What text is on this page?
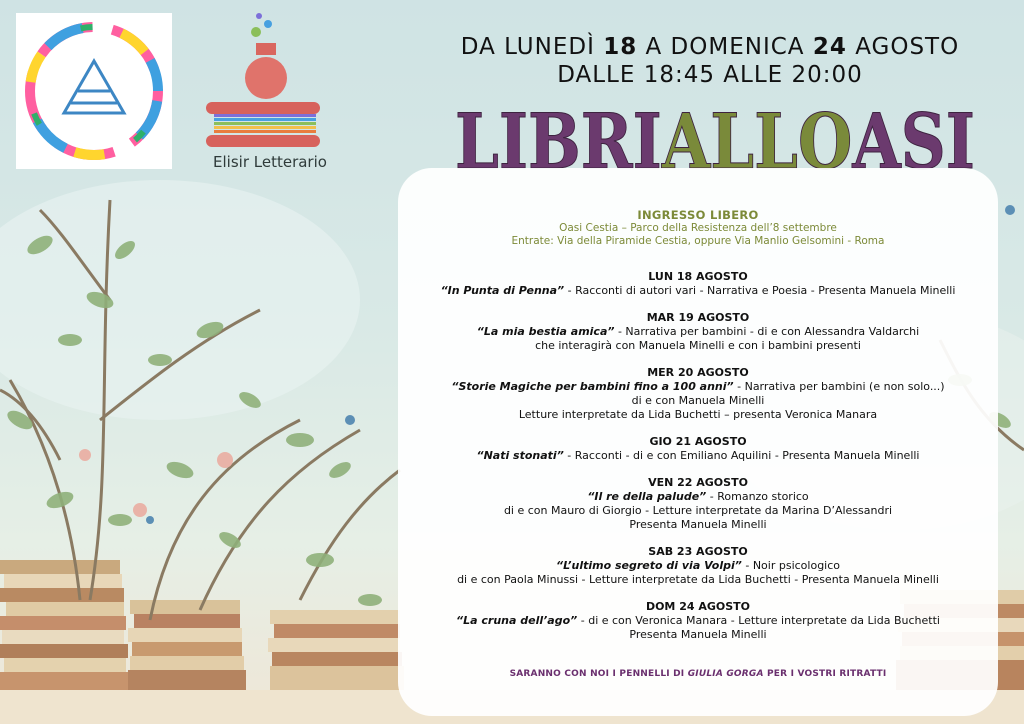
Elisir Letterario
DA LUNEDÌ 18 A DOMENICA 24 AGOSTO
DALLE 18:45 ALLE 20:00
LIBRIALLOASI
INGRESSO LIBERO
Oasi Cestia – Parco della Resistenza dell’8 settembre
Entrate: Via della Piramide Cestia, oppure Via Manlio Gelsomini - Roma
LUN 18 AGOSTO
“In Punta di Penna” - Racconti di autori vari - Narrativa e Poesia - Presenta Manuela Minelli
MAR 19 AGOSTO
“La mia bestia amica” - Narrativa per bambini - di e con Alessandra Valdarchi
che interagirà con Manuela Minelli e con i bambini presenti
MER 20 AGOSTO
“Storie Magiche per bambini fino a 100 anni” - Narrativa per bambini (e non solo...)
di e con Manuela Minelli
Letture interpretate da Lida Buchetti – presenta Veronica Manara
GIO 21 AGOSTO
“Nati stonati” - Racconti - di e con Emiliano Aquilini - Presenta Manuela Minelli
VEN 22 AGOSTO
“Il re della palude” - Romanzo storico
di e con Mauro di Giorgio - Letture interpretate da Marina D’Alessandri
Presenta Manuela Minelli
SAB 23 AGOSTO
“L’ultimo segreto di via Volpi” - Noir psicologico
di e con Paola Minussi - Letture interpretate da Lida Buchetti - Presenta Manuela Minelli
DOM 24 AGOSTO
“La cruna dell’ago” - di e con Veronica Manara - Letture interpretate da Lida Buchetti
Presenta Manuela Minelli
SARANNO CON NOI I PENNELLI DI GIULIA GORGA PER I VOSTRI RITRATTI
